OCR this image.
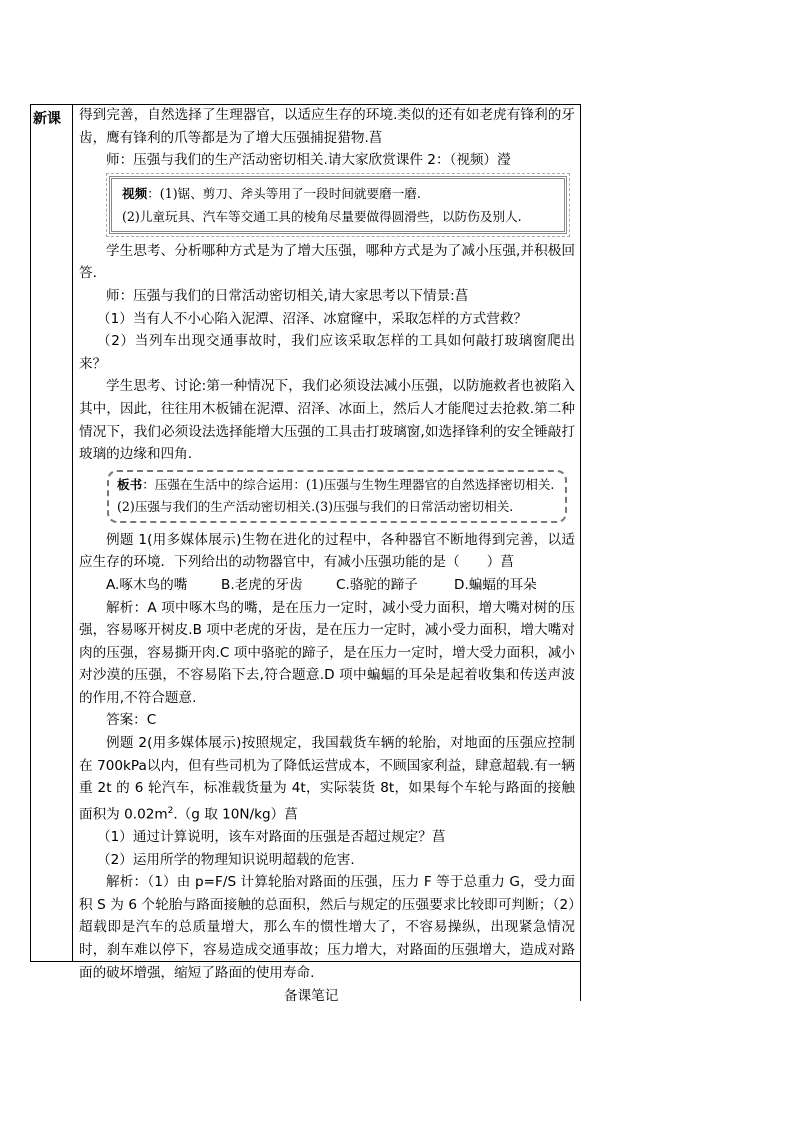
新课	得到完善，自然选择了生理器官，以适应生存的环境.类似的还有如老虎有锋利的牙齿，鹰有锋利的爪等都是为了增大压强捕捉猎物.菖

师：压强与我们的生产活动密切相关.请大家欣赏课件 2：（视频）瀅

视频：(1)锯、剪刀、斧头等用了一段时间就要磨一磨.
(2)儿童玩具、汽车等交通工具的棱角尽量要做得圆滑些，以防伤及别人.

学生思考、分析哪种方式是为了增大压强，哪种方式是为了减小压强,并积极回答.

师：压强与我们的日常活动密切相关,请大家思考以下情景:菖

（1）当有人不小心陷入泥潭、沼泽、冰窟窿中，采取怎样的方式营救？

（2）当列车出现交通事故时，我们应该采取怎样的工具如何敲打玻璃窗爬出来？

学生思考、讨论:第一种情况下，我们必须设法减小压强，以防施救者也被陷入其中，因此，往往用木板铺在泥潭、沼泽、冰面上，然后人才能爬过去抢救.第二种情况下，我们必须设法选择能增大压强的工具击打玻璃窗,如选择锋利的安全锤敲打玻璃的边缘和四角.

板书：压强在生活中的综合运用：(1)压强与生物生理器官的自然选择密切相关.(2)压强与我们的生产活动密切相关.(3)压强与我们的日常活动密切相关.

例题 1(用多媒体展示)生物在进化的过程中，各种器官不断地得到完善，以适应生存的环境．下列给出的动物器官中，有减小压强功能的是（　　）菖

A.啄木鸟的嘴	B.老虎的牙齿	C.骆驼的蹄子	D.蝙蝠的耳朵

解析：A 项中啄木鸟的嘴，是在压力一定时，减小受力面积，增大嘴对树的压强，容易啄开树皮.B 项中老虎的牙齿，是在压力一定时，减小受力面积，增大嘴对肉的压强，容易撕开肉.C 项中骆驼的蹄子，是在压力一定时，增大受力面积，减小对沙漠的压强，不容易陷下去,符合题意.D 项中蝙蝠的耳朵是起着收集和传送声波的作用,不符合题意.

答案：C

例题 2(用多媒体展示)按照规定，我国载货车辆的轮胎，对地面的压强应控制在 700kPa以内，但有些司机为了降低运营成本，不顾国家利益，肆意超载.有一辆重 2t 的 6 轮汽车，标准载货量为 4t，实际装货 8t，如果每个车轮与路面的接触面积为 $0.02m^2.(g$ 取 10N/kg）菖

（1）通过计算说明，该车对路面的压强是否超过规定？菖

（2）运用所学的物理知识说明超载的危害.

解析：（1）由 p=F/S 计算轮胎对路面的压强，压力 F 等于总重力 G，受力面积 S 为 6 个轮胎与路面接触的总面积，然后与规定的压强要求比较即可判断；（2）超载即是汽车的总质量增大，那么车的惯性增大了，不容易操纵，出现紧急情况时，刹车难以停下，容易造成交通事故；压力增大，对路面的压强增大，造成对路面的破坏增强，缩短了路面的使用寿命.

备课笔记
